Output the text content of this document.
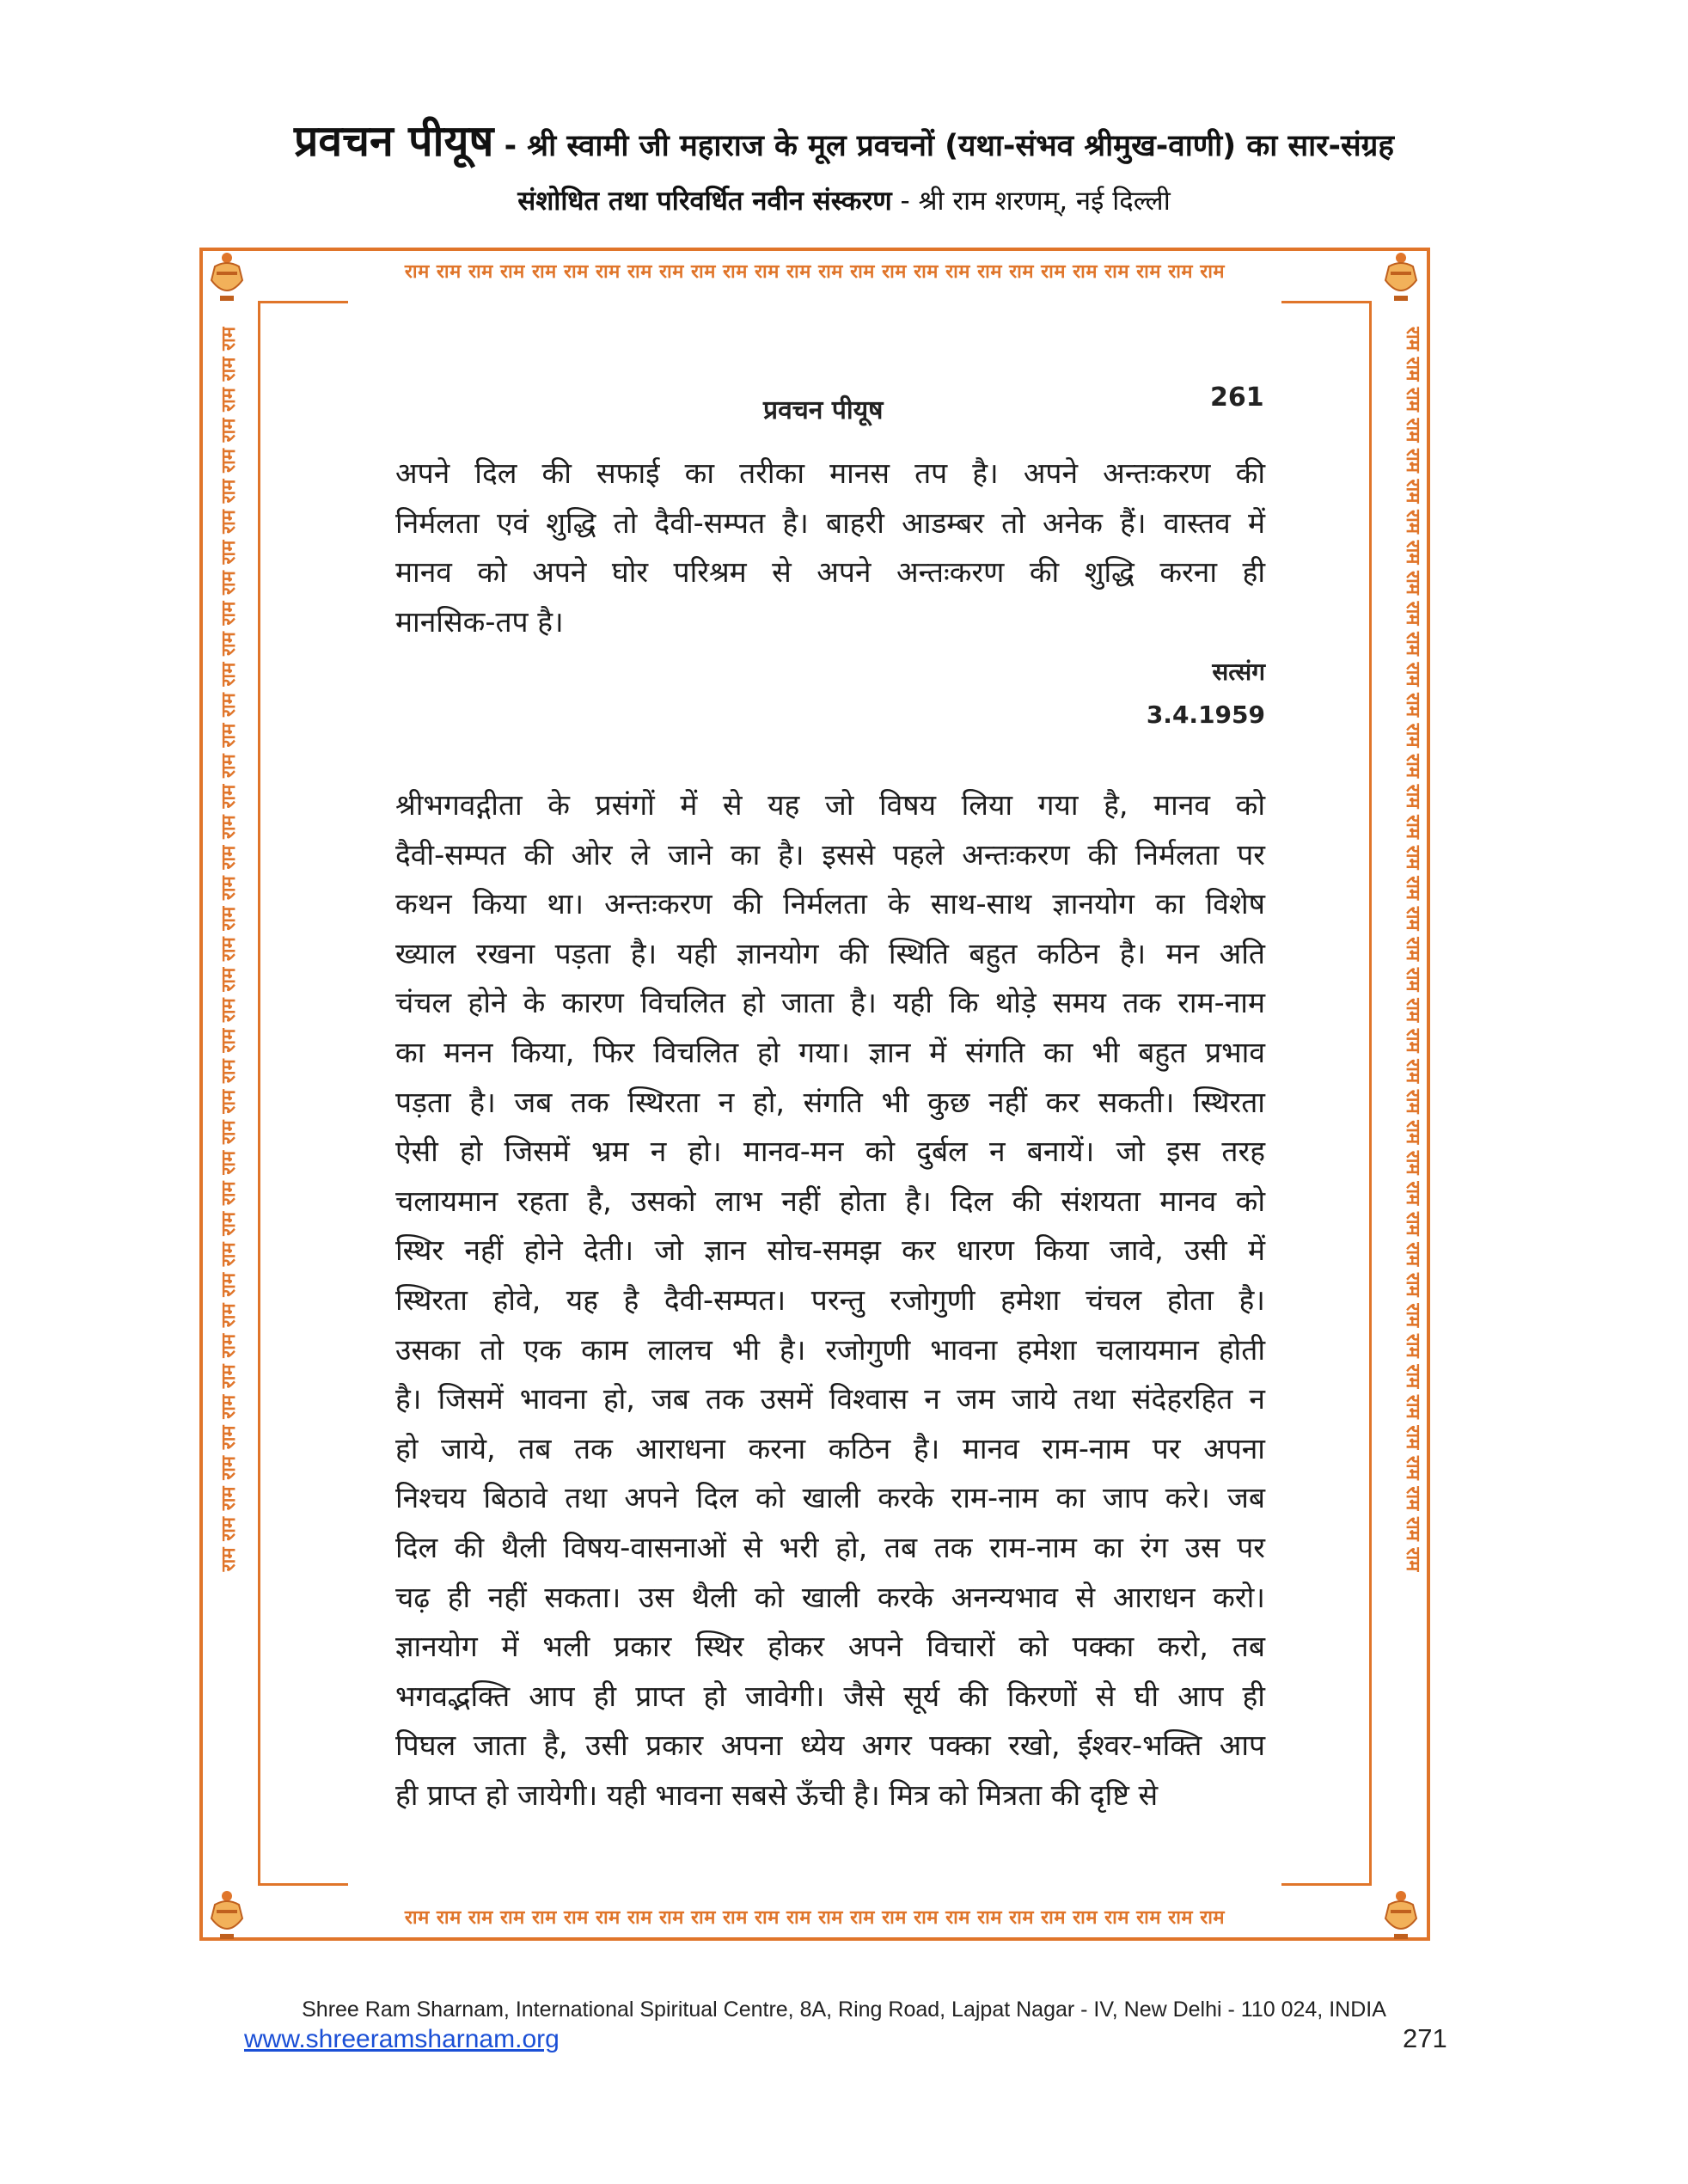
प्रवचन पीयूष - श्री स्वामी जी महाराज के मूल प्रवचनों (यथा-संभव श्रीमुख-वाणी) का सार-संग्रह
संशोधित तथा परिवर्धित नवीन संस्करण - श्री राम शरणम्, नई दिल्ली
राम राम राम राम राम राम राम राम राम राम राम राम राम राम राम राम राम राम राम राम राम राम राम राम राम राम
राम राम राम राम राम राम राम राम राम राम राम राम राम राम राम राम राम राम राम राम राम राम राम राम राम राम
राम राम राम राम राम राम राम राम राम राम राम राम राम राम राम राम राम राम राम राम राम राम राम राम राम राम राम राम राम राम राम राम राम राम राम राम राम राम राम राम राम	राम राम राम राम राम राम राम राम राम राम राम राम राम राम राम राम राम राम राम राम राम राम राम राम राम राम राम राम राम राम राम राम राम राम राम राम राम राम राम राम राम
प्रवचन पीयूष	261
अपने दिल की सफाई का तरीका मानस तप है। अपने अन्तःकरण की
निर्मलता एवं शुद्धि तो दैवी-सम्पत है। बाहरी आडम्बर तो अनेक हैं। वास्तव में
मानव को अपने घोर परिश्रम से अपने अन्तःकरण की शुद्धि करना ही
मानसिक-तप है।
सत्संग
3.4.1959
श्रीभगवद्गीता के प्रसंगों में से यह जो विषय लिया गया है, मानव को
दैवी-सम्पत की ओर ले जाने का है। इससे पहले अन्तःकरण की निर्मलता पर
कथन किया था। अन्तःकरण की निर्मलता के साथ-साथ ज्ञानयोग का विशेष
ख्याल रखना पड़ता है। यही ज्ञानयोग की स्थिति बहुत कठिन है। मन अति
चंचल होने के कारण विचलित हो जाता है। यही कि थोड़े समय तक राम-नाम
का मनन किया, फिर विचलित हो गया। ज्ञान में संगति का भी बहुत प्रभाव
पड़ता है। जब तक स्थिरता न हो, संगति भी कुछ नहीं कर सकती। स्थिरता
ऐसी हो जिसमें भ्रम न हो। मानव-मन को दुर्बल न बनायें। जो इस तरह
चलायमान रहता है, उसको लाभ नहीं होता है। दिल की संशयता मानव को
स्थिर नहीं होने देती। जो ज्ञान सोच-समझ कर धारण किया जावे, उसी में
स्थिरता होवे, यह है दैवी-सम्पत। परन्तु रजोगुणी हमेशा चंचल होता है।
उसका तो एक काम लालच भी है। रजोगुणी भावना हमेशा चलायमान होती
है। जिसमें भावना हो, जब तक उसमें विश्वास न जम जाये तथा संदेहरहित न
हो जाये, तब तक आराधना करना कठिन है। मानव राम-नाम पर अपना
निश्चय बिठावे तथा अपने दिल को खाली करके राम-नाम का जाप करे। जब
दिल की थैली विषय-वासनाओं से भरी हो, तब तक राम-नाम का रंग उस पर
चढ़ ही नहीं सकता। उस थैली को खाली करके अनन्यभाव से आराधन करो।
ज्ञानयोग में भली प्रकार स्थिर होकर अपने विचारों को पक्का करो, तब
भगवद्भक्ति आप ही प्राप्त हो जावेगी। जैसे सूर्य की किरणों से घी आप ही
पिघल जाता है, उसी प्रकार अपना ध्येय अगर पक्का रखो, ईश्वर-भक्ति आप
ही प्राप्त हो जायेगी। यही भावना सबसे ऊँची है। मित्र को मित्रता की दृष्टि से
Shree Ram Sharnam, International Spiritual Centre, 8A, Ring Road, Lajpat Nagar - IV, New Delhi - 110 024, INDIA
www.shreeramsharnam.org	271
